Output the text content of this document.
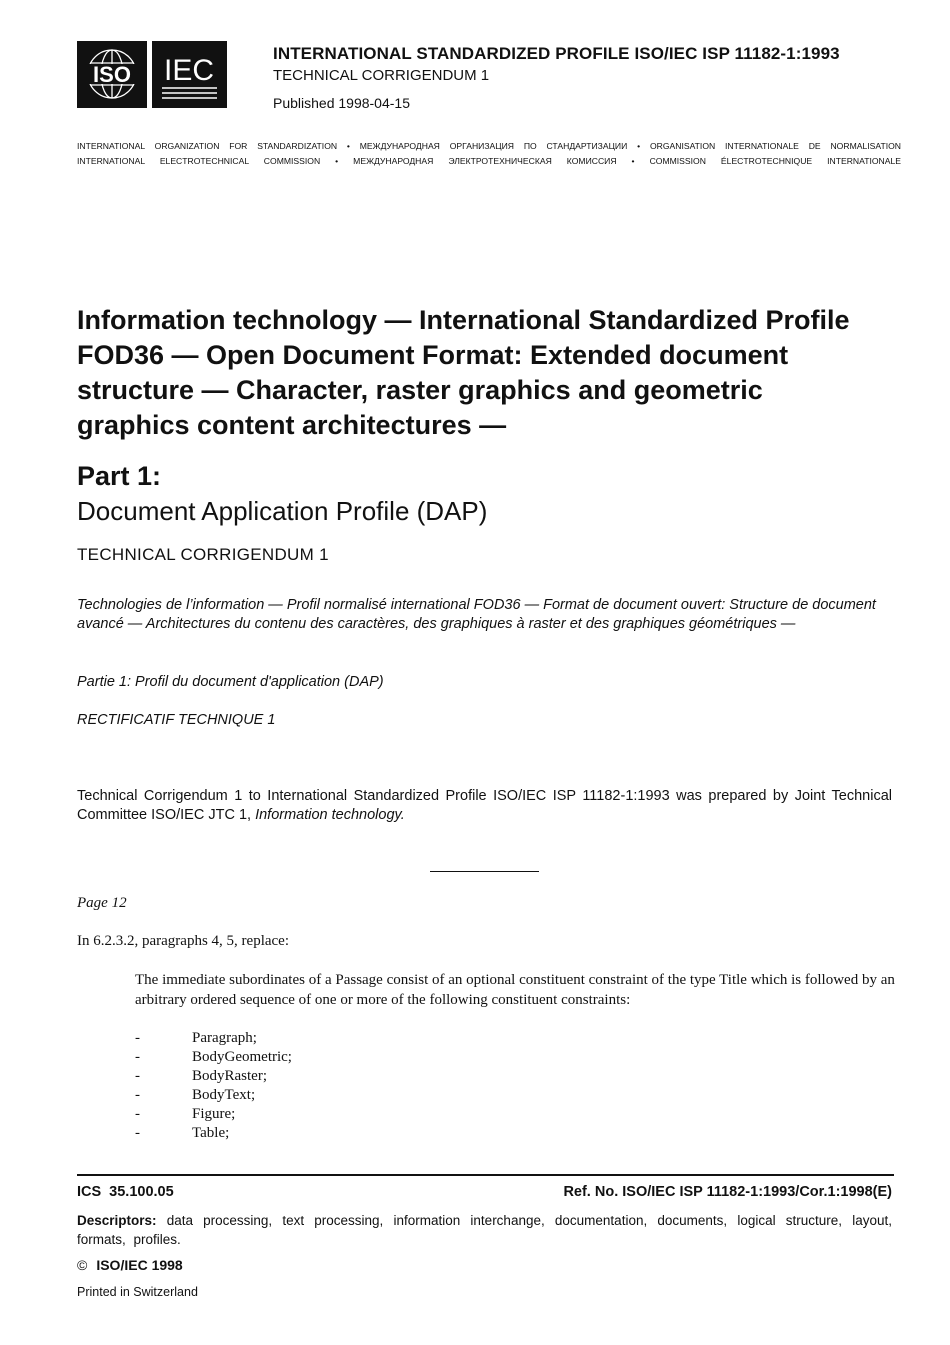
ISO IEC
INTERNATIONAL STANDARDIZED PROFILE ISO/IEC ISP 11182-1:1993
TECHNICAL CORRIGENDUM 1
Published 1998-04-15
INTERNATIONAL ORGANIZATION FOR STANDARDIZATION • МЕЖДУНАРОДНАЯ ОРГАНИЗАЦИЯ ПО СТАНДАРТИЗАЦИИ • ORGANISATION INTERNATIONALE DE NORMALISATION
INTERNATIONAL ELECTROTECHNICAL COMMISSION • МЕЖДУНАРОДНАЯ ЭЛЕКТРОТЕХНИЧЕСКАЯ КОМИССИЯ • COMMISSION ÉLECTROTECHNIQUE INTERNATIONALE
Information technology — International Standardized Profile FOD36 — Open Document Format: Extended document structure — Character, raster graphics and geometric graphics content architectures —
Part 1:
Document Application Profile (DAP)
TECHNICAL CORRIGENDUM 1
Technologies de l’information — Profil normalisé international FOD36 — Format de document ouvert: Structure de document avancé — Architectures du contenu des caractères, des graphiques à raster et des graphiques géométriques —
Partie 1: Profil du document d'application (DAP)
RECTIFICATIF TECHNIQUE 1
Technical Corrigendum 1 to International Standardized Profile ISO/IEC ISP 11182-1:1993 was prepared by Joint Technical Committee ISO/IEC JTC 1, Information technology.
Page 12
In 6.2.3.2, paragraphs 4, 5, replace:
The immediate subordinates of a Passage consist of an optional constituent constraint of the type Title which is followed by an arbitrary ordered sequence of one or more of the following constituent constraints:
-	Paragraph;
-	BodyGeometric;
-	BodyRaster;
-	BodyText;
-	Figure;
-	Table;
ICS 35.100.05	Ref. No. ISO/IEC ISP 11182-1:1993/Cor.1:1998(E)
Descriptors: data processing, text processing, information interchange, documentation, documents, logical structure, layout, formats, profiles.
© ISO/IEC 1998
Printed in Switzerland
